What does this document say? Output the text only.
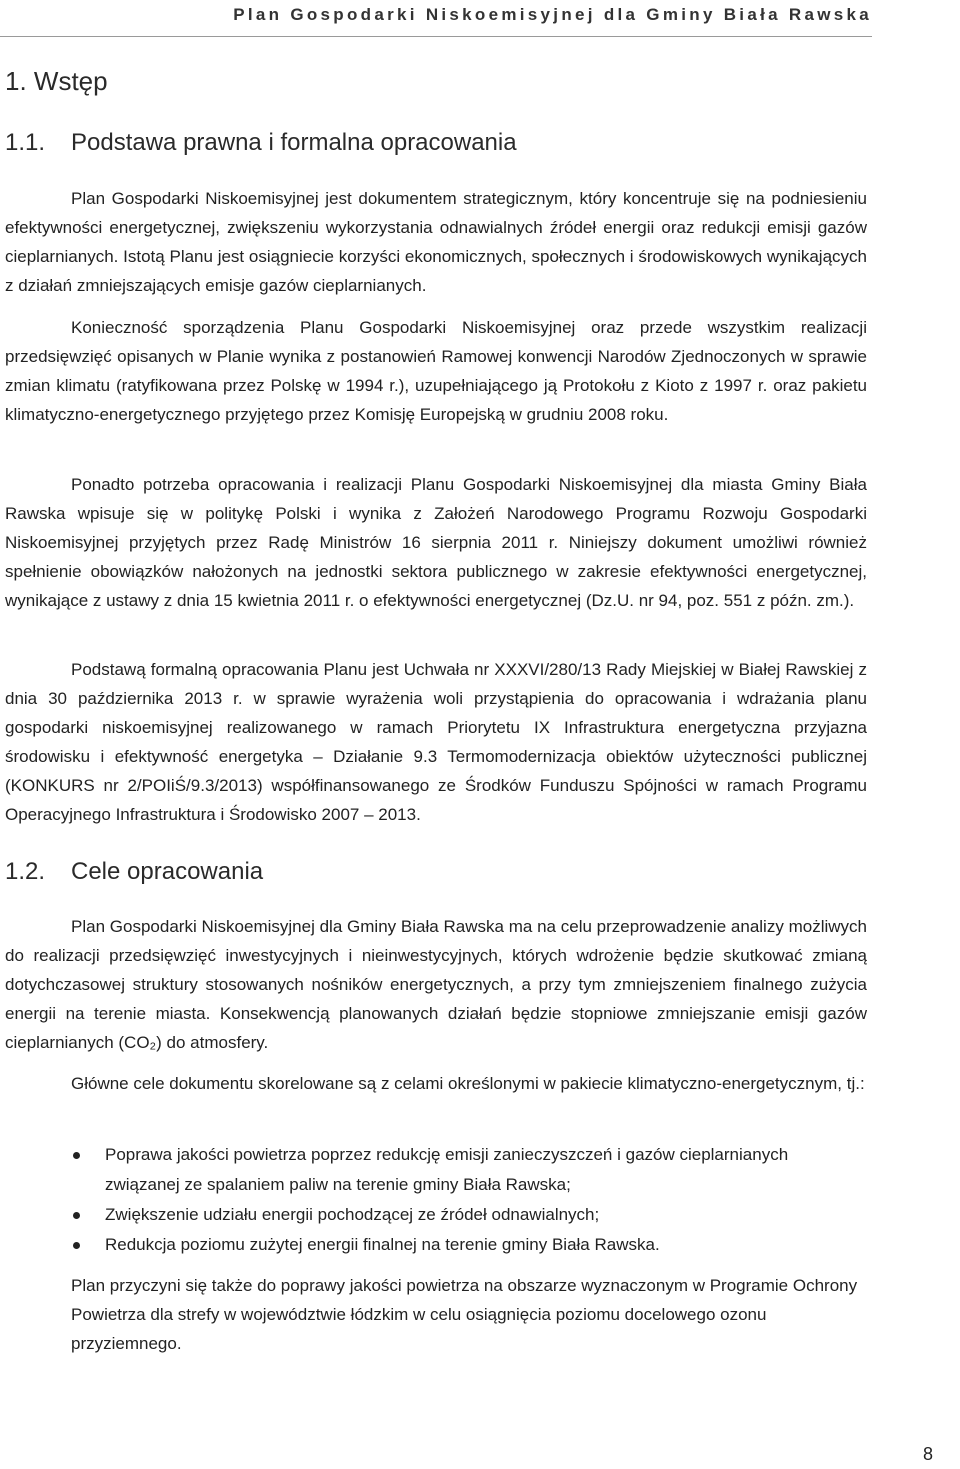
Plan Gospodarki Niskoemisyjnej dla Gminy Biała Rawska
1. Wstęp
1.1. Podstawa prawna i formalna opracowania
Plan Gospodarki Niskoemisyjnej jest dokumentem strategicznym, który koncentruje się na podniesieniu efektywności energetycznej, zwiększeniu wykorzystania odnawialnych źródeł energii oraz redukcji emisji gazów cieplarnianych. Istotą Planu jest osiągniecie korzyści ekonomicznych, społecznych i środowiskowych wynikających z działań zmniejszających emisje gazów cieplarnianych.
Konieczność sporządzenia Planu Gospodarki Niskoemisyjnej oraz przede wszystkim realizacji przedsięwzięć opisanych w Planie wynika z postanowień Ramowej konwencji Narodów Zjednoczonych w sprawie zmian klimatu (ratyfikowana przez Polskę w 1994 r.), uzupełniającego ją Protokołu z Kioto z 1997 r. oraz pakietu klimatyczno-energetycznego przyjętego przez Komisję Europejską w grudniu 2008 roku.
Ponadto potrzeba opracowania i realizacji Planu Gospodarki Niskoemisyjnej dla miasta Gminy Biała Rawska wpisuje się w politykę Polski i wynika z Założeń Narodowego Programu Rozwoju Gospodarki Niskoemisyjnej przyjętych przez Radę Ministrów 16 sierpnia 2011 r. Niniejszy dokument umożliwi również spełnienie obowiązków nałożonych na jednostki sektora publicznego w zakresie efektywności energetycznej, wynikające z ustawy z dnia 15 kwietnia 2011 r. o efektywności energetycznej (Dz.U. nr 94, poz. 551 z późn. zm.).
Podstawą formalną opracowania Planu jest Uchwała nr XXXVI/280/13 Rady Miejskiej w Białej Rawskiej z dnia 30 października 2013 r. w sprawie wyrażenia woli przystąpienia do opracowania i wdrażania planu gospodarki niskoemisyjnej realizowanego w ramach Priorytetu IX Infrastruktura energetyczna przyjazna środowisku i efektywność energetyka – Działanie 9.3 Termomodernizacja obiektów użyteczności publicznej (KONKURS nr 2/POIiŚ/9.3/2013) współfinansowanego ze Środków Funduszu Spójności w ramach Programu Operacyjnego Infrastruktura i Środowisko 2007 – 2013.
1.2. Cele opracowania
Plan Gospodarki Niskoemisyjnej dla Gminy Biała Rawska ma na celu przeprowadzenie analizy możliwych do realizacji przedsięwzięć inwestycyjnych i nieinwestycyjnych, których wdrożenie będzie skutkować zmianą dotychczasowej struktury stosowanych nośników energetycznych, a przy tym zmniejszeniem finalnego zużycia energii na terenie miasta. Konsekwencją planowanych działań będzie stopniowe zmniejszanie emisji gazów cieplarnianych (CO₂) do atmosfery.
Główne cele dokumentu skorelowane są z celami określonymi w pakiecie klimatyczno-energetycznym, tj.:
Poprawa jakości powietrza poprzez redukcję emisji zanieczyszczeń i gazów cieplarnianych związanej ze spalaniem paliw na terenie gminy Biała Rawska;
Zwiększenie udziału energii pochodzącej ze źródeł odnawialnych;
Redukcja poziomu zużytej energii finalnej na terenie gminy Biała Rawska.
Plan przyczyni się także do poprawy jakości powietrza na obszarze wyznaczonym w Programie Ochrony Powietrza dla strefy w województwie łódzkim w celu osiągnięcia poziomu docelowego ozonu przyziemnego.
8
